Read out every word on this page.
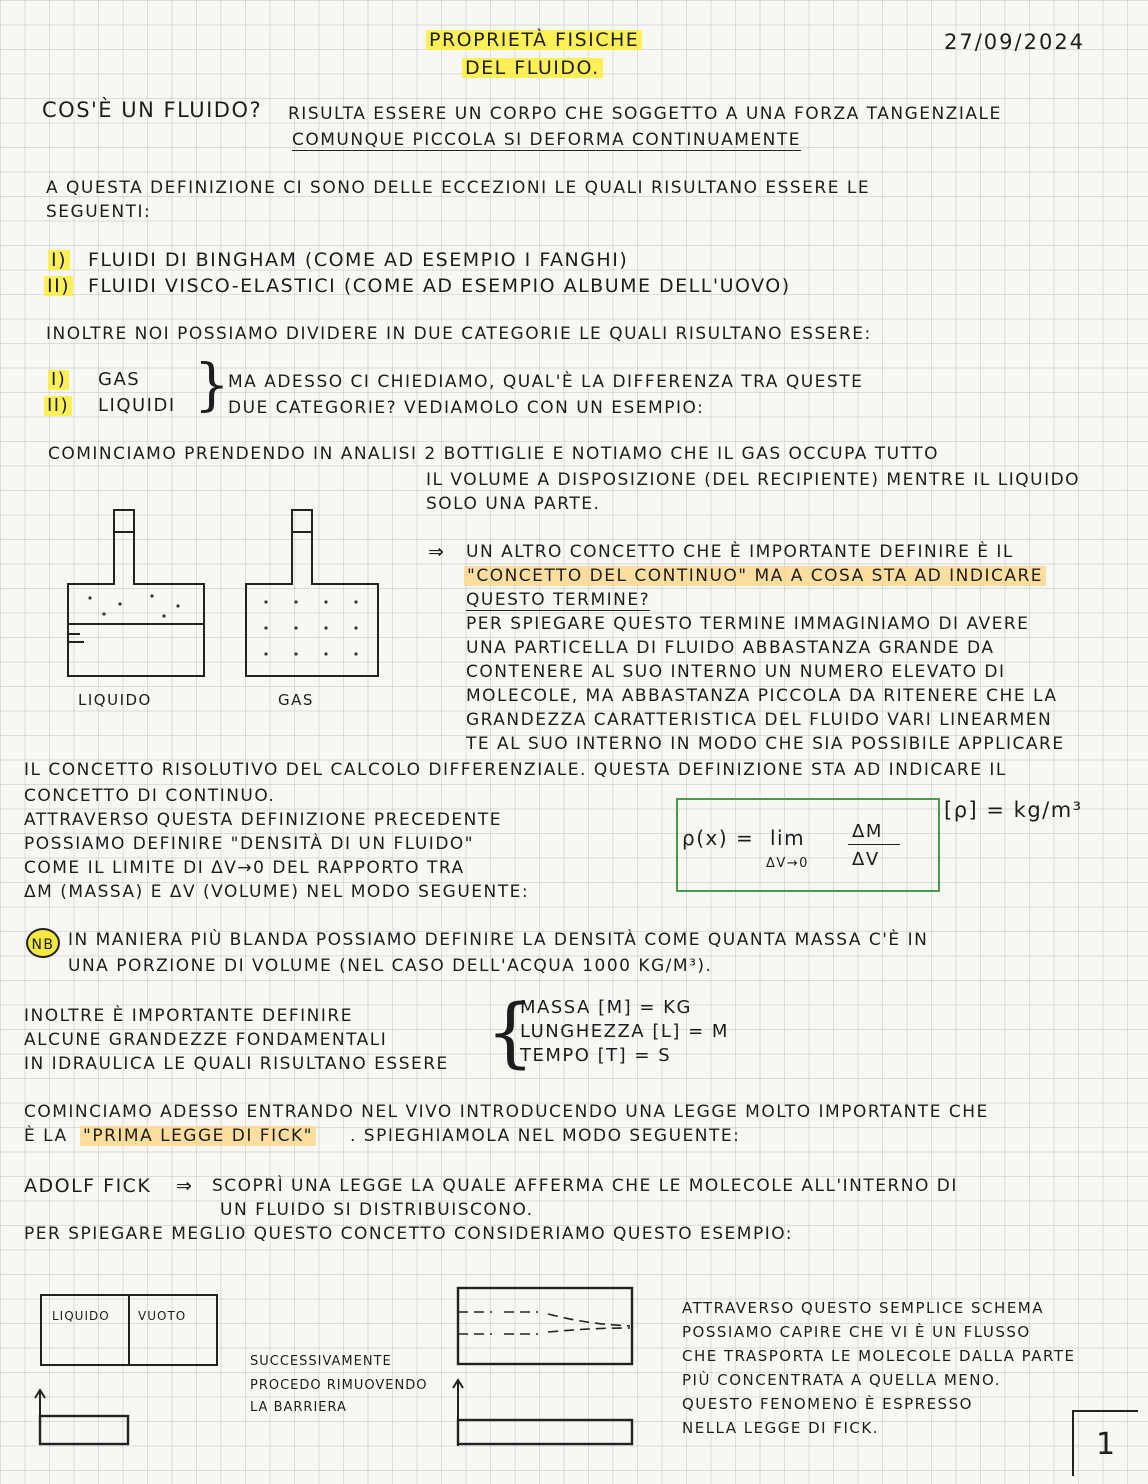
PROPRIETÀ FISICHE
DEL FLUIDO.
27/09/2024
COS'È UN FLUIDO? RISULTA ESSERE UN CORPO CHE SOGGETTO A UNA FORZA TANGENZIALE
COMUNQUE PICCOLA SI DEFORMA CONTINUAMENTE
A QUESTA DEFINIZIONE CI SONO DELLE ECCEZIONI LE QUALI RISULTANO ESSERE LE
SEGUENTI:
I) FLUIDI DI BINGHAM (COME AD ESEMPIO I FANGHI)
II) FLUIDI VISCO-ELASTICI (COME AD ESEMPIO ALBUME DELL'UOVO)
INOLTRE NOI POSSIAMO DIVIDERE IN DUE CATEGORIE LE QUALI RISULTANO ESSERE:
I) GAS
II) LIQUIDI }
MA ADESSO CI CHIEDIAMO, QUAL'È LA DIFFERENZA TRA QUESTE
DUE CATEGORIE? VEDIAMOLO CON UN ESEMPIO:
COMINCIAMO PRENDENDO IN ANALISI 2 BOTTIGLIE E NOTIAMO CHE IL GAS OCCUPA TUTTO
IL VOLUME A DISPOSIZIONE (DEL RECIPIENTE) MENTRE IL LIQUIDO
SOLO UNA PARTE.
LIQUIDO	GAS
⇒ UN ALTRO CONCETTO CHE È IMPORTANTE DEFINIRE È IL
"CONCETTO DEL CONTINUO" MA A COSA STA AD INDICARE
QUESTO TERMINE?
PER SPIEGARE QUESTO TERMINE IMMAGINIAMO DI AVERE
UNA PARTICELLA DI FLUIDO ABBASTANZA GRANDE DA
CONTENERE AL SUO INTERNO UN NUMERO ELEVATO DI
MOLECOLE, MA ABBASTANZA PICCOLA DA RITENERE CHE LA
GRANDEZZA CARATTERISTICA DEL FLUIDO VARI LINEARMEN
TE AL SUO INTERNO IN MODO CHE SIA POSSIBILE APPLICARE
IL CONCETTO RISOLUTIVO DEL CALCOLO DIFFERENZIALE. QUESTA DEFINIZIONE STA AD INDICARE IL
CONCETTO DI CONTINUO.
ATTRAVERSO QUESTA DEFINIZIONE PRECEDENTE
POSSIAMO DEFINIRE "DENSITÀ DI UN FLUIDO"
COME IL LIMITE DI ΔV→0 DEL RAPPORTO TRA
ΔM (MASSA) E ΔV (VOLUME) NEL MODO SEGUENTE:
ρ(x) = lim
ΔV→0
ΔM
ΔV
[ρ] = kg/m³
NB IN MANIERA PIÙ BLANDA POSSIAMO DEFINIRE LA DENSITÀ COME QUANTA MASSA C'È IN
UNA PORZIONE DI VOLUME (NEL CASO DELL'ACQUA 1000 KG/M³).
INOLTRE È IMPORTANTE DEFINIRE
ALCUNE GRANDEZZE FONDAMENTALI
IN IDRAULICA LE QUALI RISULTANO ESSERE {
MASSA [M] = KG
LUNGHEZZA [L] = M
TEMPO [T] = S
COMINCIAMO ADESSO ENTRANDO NEL VIVO INTRODUCENDO UNA LEGGE MOLTO IMPORTANTE CHE
È LA "PRIMA LEGGE DI FICK" . SPIEGHIAMOLA NEL MODO SEGUENTE:
ADOLF FICK ⇒ SCOPRÌ UNA LEGGE LA QUALE AFFERMA CHE LE MOLECOLE ALL'INTERNO DI
UN FLUIDO SI DISTRIBUISCONO.
PER SPIEGARE MEGLIO QUESTO CONCETTO CONSIDERIAMO QUESTO ESEMPIO:
LIQUIDO VUOTO
SUCCESSIVAMENTE
PROCEDO RIMUOVENDO
LA BARRIERA
ATTRAVERSO QUESTO SEMPLICE SCHEMA
POSSIAMO CAPIRE CHE VI È UN FLUSSO
CHE TRASPORTA LE MOLECOLE DALLA PARTE
PIÙ CONCENTRATA A QUELLA MENO.
QUESTO FENOMENO È ESPRESSO
NELLA LEGGE DI FICK.	1
